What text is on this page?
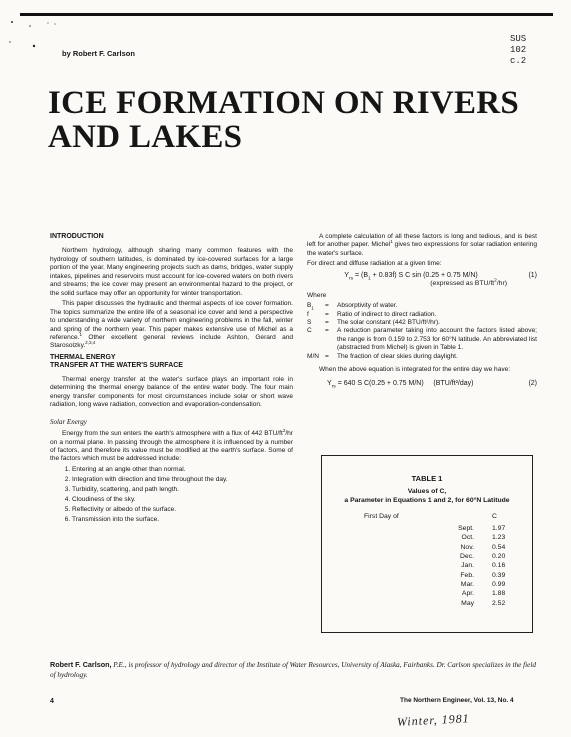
by Robert F. Carlson
SUS
102
c.2
ICE FORMATION ON RIVERS
AND LAKES

INTRODUCTION

Northern hydrology, although sharing many common features with the hydrology of southern latitudes, is dominated by ice-covered surfaces for a large portion of the year. Many engineering projects such as dams, bridges, water supply intakes, pipelines and reservoirs must account for ice-covered waters on both rivers and streams; the ice cover may present an environmental hazard to the project, or the solid surface may offer an opportunity for winter transportation.

This paper discusses the hydraulic and thermal aspects of ice cover formation. The topics summarize the entire life of a seasonal ice cover and lend a perspective to understanding a wide variety of northern engineering problems in the fall, winter and spring of the northern year. This paper makes extensive use of Michel as a reference.$^1$ Other excellent general reviews include Ashton, Gerard and Starosolzky.$^{2,3,4}$

THERMAL ENERGY

TRANSFER AT THE WATER'S SURFACE

Thermal energy transfer at the water's surface plays an important role in determining the thermal energy balance of the entire water body. The four main energy transfer components for most circumstances include solar or short wave radiation, long wave radiation, convection and evaporation-condensation.

Solar Energy

Energy from the sun enters the earth's atmosphere with a flux of 442 BTU/$ft^2/hr$ on a normal plane. In passing through the atmosphere it is influenced by a number of factors, and therefore its value must be modified at the earth's surface. Some of the factors which must be addressed include:

1. Entering at an angle other than normal.
2. Integration with direction and time throughout the day.
3. Turbidity, scattering, and path length.
4. Cloudiness of the sky.
5. Reflectivity or albedo of the surface.
6. Transmission into the surface.

A complete calculation of all these factors is long and tedious, and is best left for another paper. Michel$^1$ gives two expressions for solar radiation entering the water's surface.

For direct and diffuse radiation at a given time:

$Y_{rs} = (B_1 + 0.83f)$ S C sin (0.25 + 0.75 M/N)	(1)
(expressed as BTU/$ft^2/hr$)

Where

$B_1$	=	Absorptivity of water.
f	=	Ratio of indirect to direct radiation.
S	=	The solar constant (442 BTU/ft²/hr).
C	=	A reduction parameter taking into account the factors listed above; the range is from 0.159 to 2.753 for 60°N latitude. An abbreviated list (abstracted from Michel) is given in Table 1.
M/N	=	The fraction of clear skies during daylight.

When the above equation is integrated for the entire day we have:

$Y_{rs} = 640$ S C(0.25 + 0.75 M/N) (BTU/ft²/day)	(2)
TABLE 1
Values of C,
a Parameter in Equations 1 and 2, for 60°N Latitude
First Day of	C
Sept.	1.97
Oct.	1.23
Nov.	0.54
Dec.	0.20
Jan.	0.16
Feb.	0.39
Mar.	0.99
Apr.	1.88
May	2.52
Robert F. Carlson, P.E., is professor of hydrology and director of the Institute of Water Resources, University of Alaska, Fairbanks. Dr. Carlson specializes in the field of hydrology.
4	The Northern Engineer, Vol. 13, No. 4
Winter, 1981
